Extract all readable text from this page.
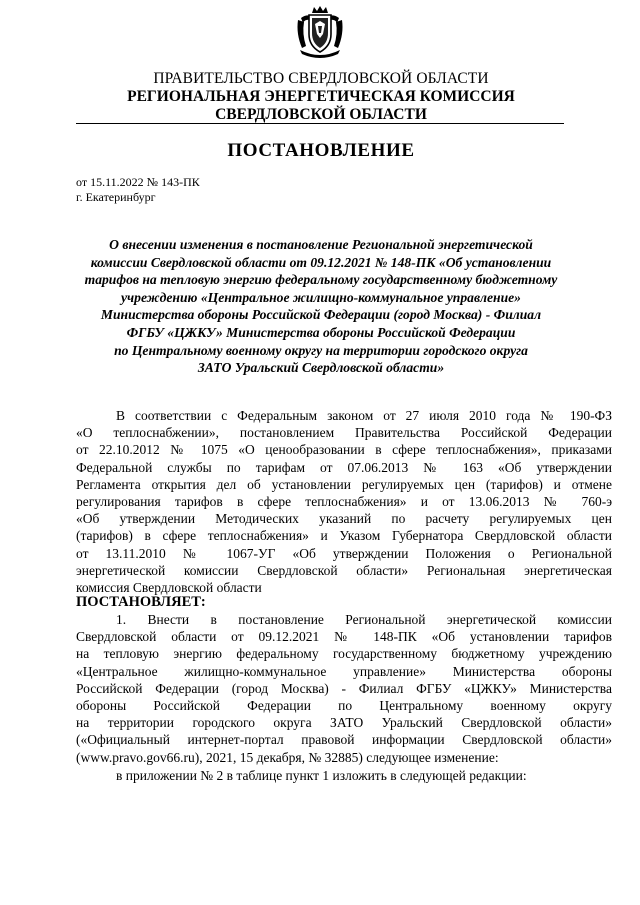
ПРАВИТЕЛЬСТВО СВЕРДЛОВСКОЙ ОБЛАСТИ
РЕГИОНАЛЬНАЯ ЭНЕРГЕТИЧЕСКАЯ КОМИССИЯ
СВЕРДЛОВСКОЙ ОБЛАСТИ
ПОСТАНОВЛЕНИЕ
от 15.11.2022 № 143-ПК
г. Екатеринбург
О внесении изменения в постановление Региональной энергетической
комиссии Свердловской области от 09.12.2021 № 148-ПК «Об установлении
тарифов на тепловую энергию федеральному государственному бюджетному
учреждению «Центральное жилищно-коммунальное управление»
Министерства обороны Российской Федерации (город Москва) - Филиал
ФГБУ «ЦЖКУ» Министерства обороны Российской Федерации
по Центральному военному округу на территории городского округа
ЗАТО Уральский Свердловской области»
В соответствии с Федеральным законом от 27 июля 2010 года № 190-ФЗ
«О теплоснабжении», постановлением Правительства Российской Федерации
от 22.10.2012 № 1075 «О ценообразовании в сфере теплоснабжения», приказами
Федеральной службы по тарифам от 07.06.2013 № 163 «Об утверждении
Регламента открытия дел об установлении регулируемых цен (тарифов) и отмене
регулирования тарифов в сфере теплоснабжения» и от 13.06.2013 № 760-э
«Об утверждении Методических указаний по расчету регулируемых цен
(тарифов) в сфере теплоснабжения» и Указом Губернатора Свердловской области
от 13.11.2010 № 1067-УГ «Об утверждении Положения о Региональной
энергетической комиссии Свердловской области» Региональная энергетическая
комиссия Свердловской области
ПОСТАНОВЛЯЕТ:
1. Внести в постановление Региональной энергетической комиссии
Свердловской области от 09.12.2021 № 148-ПК «Об установлении тарифов
на тепловую энергию федеральному государственному бюджетному учреждению
«Центральное жилищно-коммунальное управление» Министерства обороны
Российской Федерации (город Москва) - Филиал ФГБУ «ЦЖКУ» Министерства
обороны Российской Федерации по Центральному военному округу
на территории городского округа ЗАТО Уральский Свердловской области»
(«Официальный интернет-портал правовой информации Свердловской области»
(www.pravo.gov66.ru), 2021, 15 декабря, № 32885) следующее изменение:
в приложении № 2 в таблице пункт 1 изложить в следующей редакции:
